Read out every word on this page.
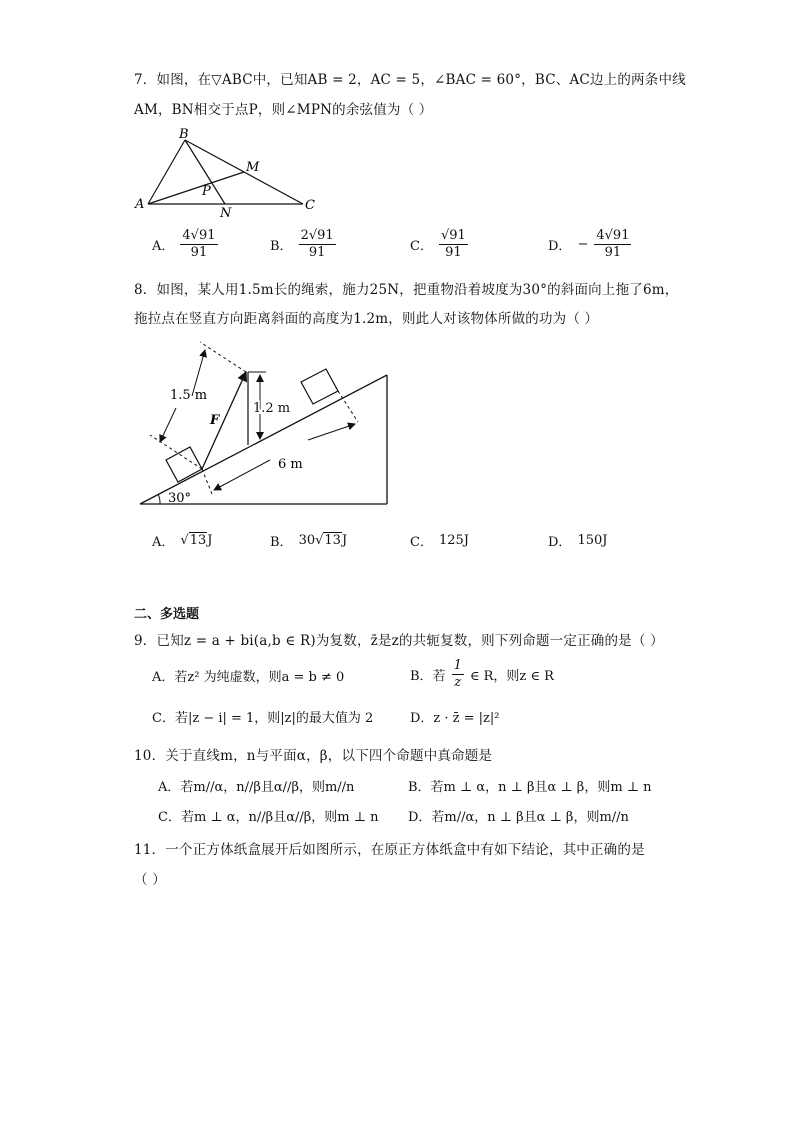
7．如图，在▽ABC中，已知AB = 2，AC = 5，∠BAC = 60°，BC、AC边上的两条中线
AM，BN相交于点P，则∠MPN的余弦值为（ ）
B
M
P
A
N
C
A． $\frac{4√91}{91}$	B． $\frac{2√91}{91}$	C． $\frac{√91}{91}$	D． − $\frac{4√91}{91}$
8．如图，某人用1.5m长的绳索，施力25N，把重物沿着坡度为30°的斜面向上拖了6m，
拖拉点在竖直方向距离斜面的高度为1.2m，则此人对该物体所做的功为（ ）
30°
F
1.2 m
1.5 m
6 m
A． √13J	B． 30√13J	C． 125J	D． 150J
二、多选题
9．已知z = a + bi(a,b ∈ R)为复数，z̄是z的共轭复数，则下列命题一定正确的是（ ）
A．若z² 为纯虚数，则a = b ≠ 0	B．若 $\frac{1}{z}$ ∈ R，则z ∈ R
C．若|z − i| = 1，则|z|的最大值为 2	D．z · z̄ = |z|²
10．关于直线m，n与平面α，β，以下四个命题中真命题是
A．若m//α，n//β且α//β，则m//n	B．若m ⊥ α，n ⊥ β且α ⊥ β，则m ⊥ n
C．若m ⊥ α，n//β且α//β，则m ⊥ n D．若m//α，n ⊥ β且α ⊥ β，则m//n
11．一个正方体纸盒展开后如图所示，在原正方体纸盒中有如下结论，其中正确的是
（ ）
